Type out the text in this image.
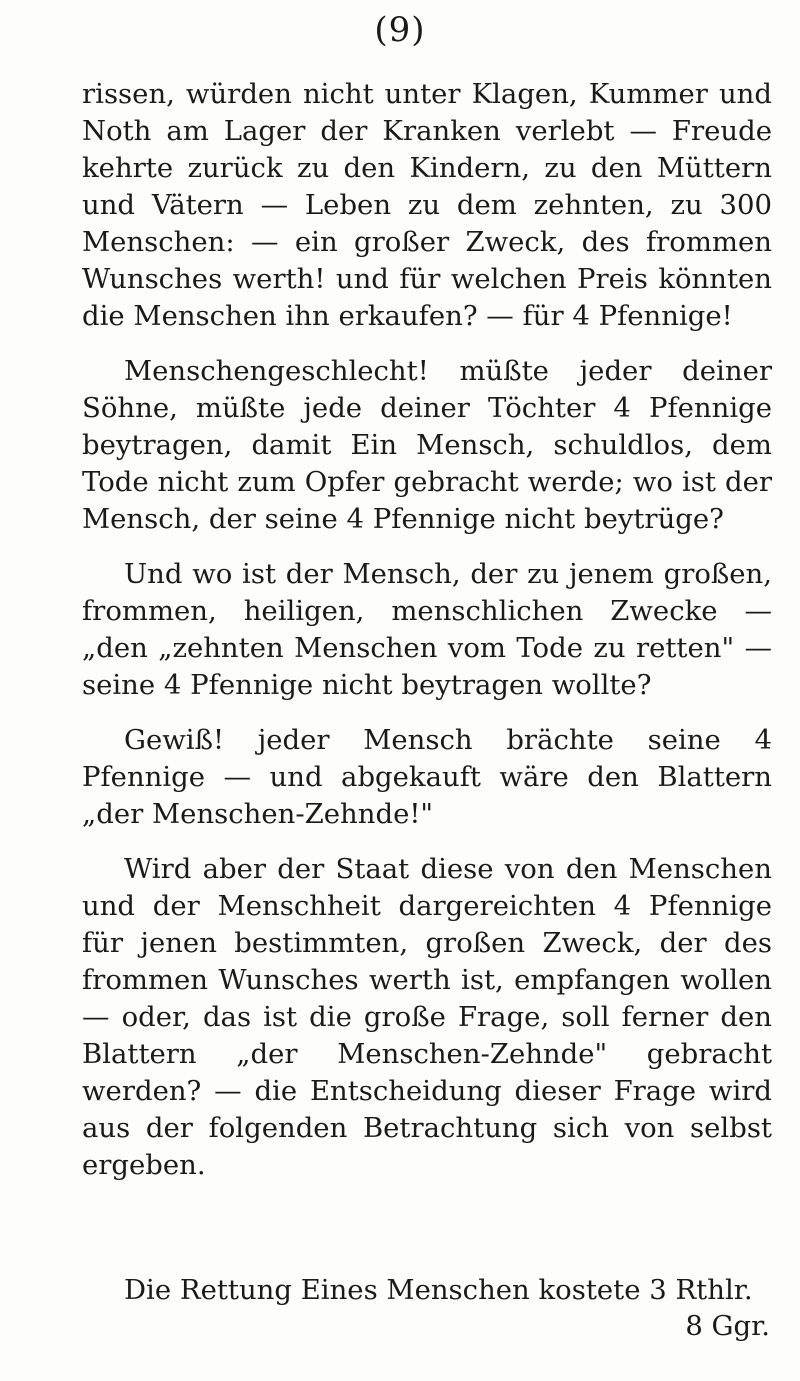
(9)

rissen, würden nicht unter Klagen, Kummer und Noth am Lager der Kranken verlebt — Freude kehrte zurück zu den Kindern, zu den Müttern und Vätern — Leben zu dem zehnten, zu 300 Menschen: — ein großer Zweck, des frommen Wunsches werth! und für welchen Preis könnten die Menschen ihn erkaufen? — für 4 Pfennige!

Menschengeschlecht! müßte jeder deiner Söhne, müßte jede deiner Töchter 4 Pfennige beytragen, damit Ein Mensch, schuldlos, dem Tode nicht zum Opfer gebracht werde; wo ist der Mensch, der seine 4 Pfennige nicht beytrüge?

Und wo ist der Mensch, der zu jenem großen, frommen, heiligen, menschlichen Zwecke — „den „zehnten Menschen vom Tode zu retten" — seine 4 Pfennige nicht beytragen wollte?

Gewiß! jeder Mensch brächte seine 4 Pfennige — und abgekauft wäre den Blattern „der Menschen-Zehnde!"

Wird aber der Staat diese von den Menschen und der Menschheit dargereichten 4 Pfennige für jenen bestimmten, großen Zweck, der des frommen Wunsches werth ist, empfangen wollen — oder, das ist die große Frage, soll ferner den Blattern „der Menschen-Zehnde" gebracht werden? — die Entscheidung dieser Frage wird aus der folgenden Betrachtung sich von selbst ergeben.

Die Rettung Eines Menschen kostete 3 Rthlr.
8 Ggr.
